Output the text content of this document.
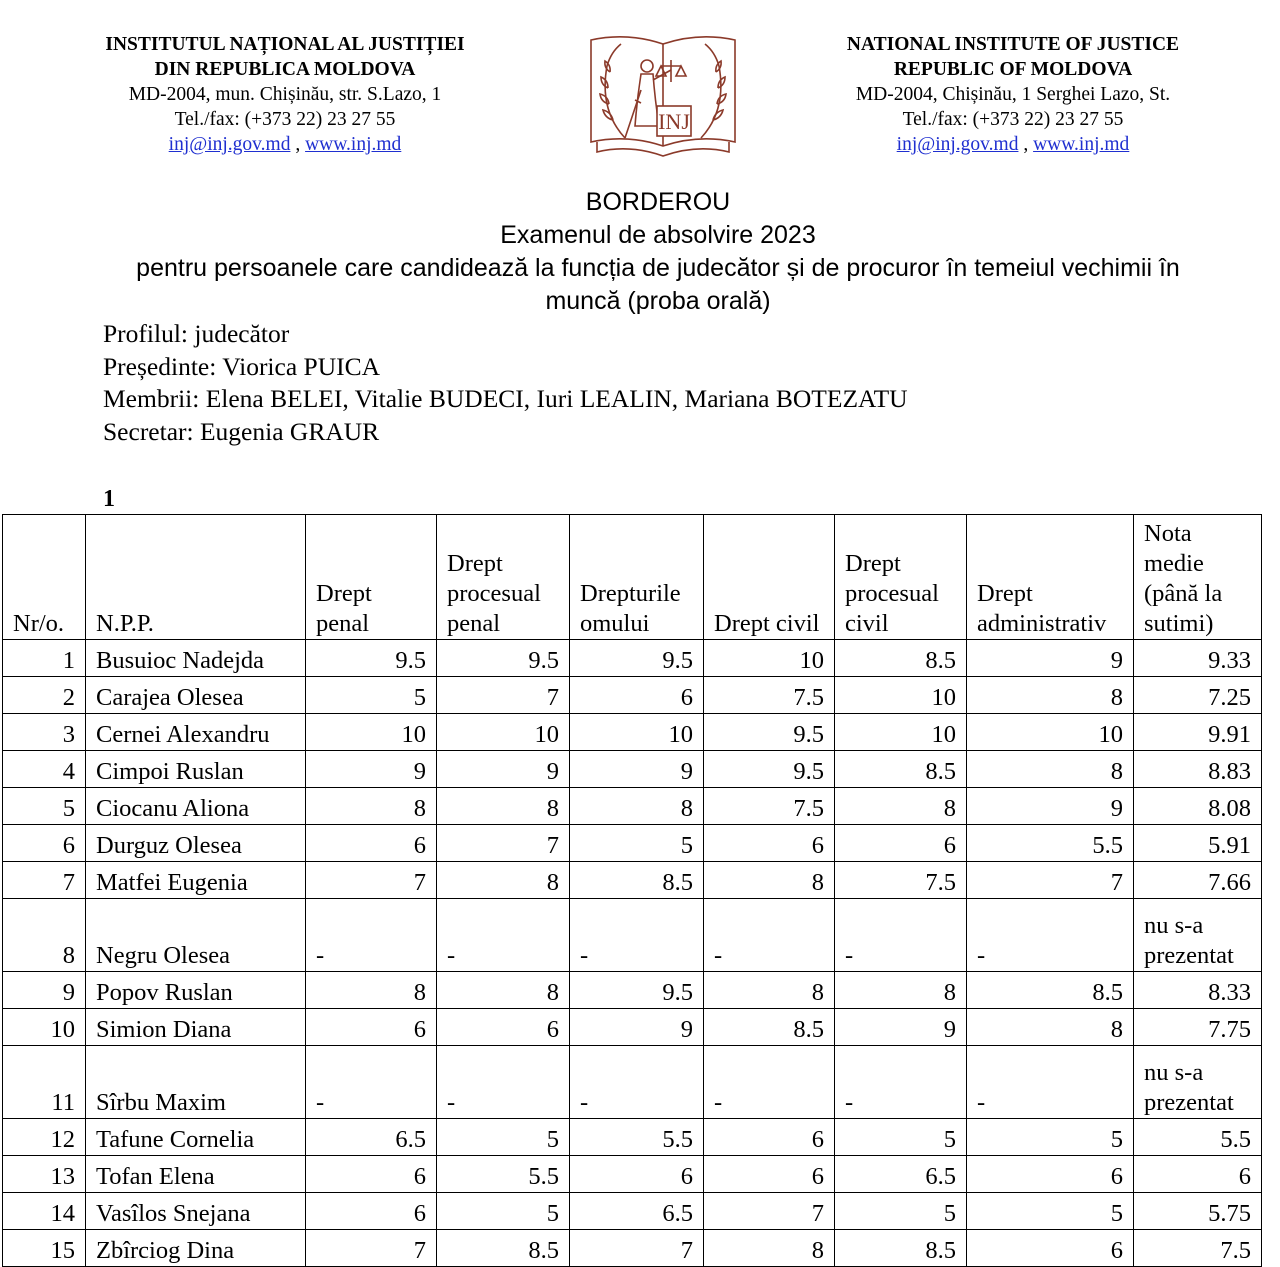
INSTITUTUL NAȚIONAL AL JUSTIȚIEI
DIN REPUBLICA MOLDOVA
MD-2004, mun. Chișinău, str. S.Lazo, 1
Tel./fax: (+373 22) 23 27 55
inj@inj.gov.md , www.inj.md
INJ
NATIONAL INSTITUTE OF JUSTICE
REPUBLIC OF MOLDOVA
MD-2004, Chișinău, 1 Serghei Lazo, St.
Tel./fax: (+373 22) 23 27 55
inj@inj.gov.md , www.inj.md
BORDEROU
Examenul de absolvire 2023
pentru persoanele care candidează la funcția de judecător și de procuror în temeiul vechimii în muncă (proba orală)
Profilul: judecător
Președinte: Viorica PUICA
Membrii: Elena BELEI, Vitalie BUDECI, Iuri LEALIN, Mariana BOTEZATU
Secretar: Eugenia GRAUR
1
Nr/o.	N.P.P.	Drept penal	Drept procesual penal	Drepturile omului	Drept civil	Drept procesual civil	Drept administrativ	Nota medie (până la sutimi)
1	Busuioc Nadejda	9.5	9.5	9.5	10	8.5	9	9.33
2	Carajea Olesea	5	7	6	7.5	10	8	7.25
3	Cernei Alexandru	10	10	10	9.5	10	10	9.91
4	Cimpoi Ruslan	9	9	9	9.5	8.5	8	8.83
5	Ciocanu Aliona	8	8	8	7.5	8	9	8.08
6	Durguz Olesea	6	7	5	6	6	5.5	5.91
7	Matfei Eugenia	7	8	8.5	8	7.5	7	7.66
8	Negru Olesea	-	-	-	-	-	-	nu s-a prezentat
9	Popov Ruslan	8	8	9.5	8	8	8.5	8.33
10	Simion Diana	6	6	9	8.5	9	8	7.75
11	Sîrbu Maxim	-	-	-	-	-	-	nu s-a prezentat
12	Tafune Cornelia	6.5	5	5.5	6	5	5	5.5
13	Tofan Elena	6	5.5	6	6	6.5	6	6
14	Vasîlos Snejana	6	5	6.5	7	5	5	5.75
15	Zbîrciog Dina	7	8.5	7	8	8.5	6	7.5
